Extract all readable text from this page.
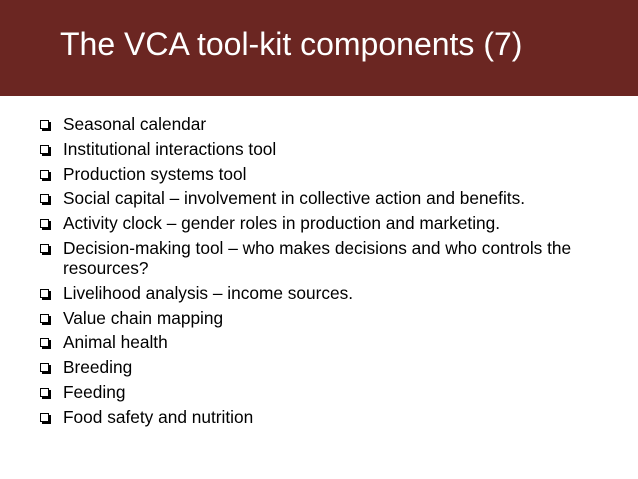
The VCA tool-kit components (7)
Seasonal calendar
Institutional interactions tool
Production systems tool
Social capital – involvement in collective action and benefits.
Activity clock – gender roles in production and marketing.
Decision-making tool – who makes decisions and who controls the resources?
Livelihood analysis – income sources.
Value chain mapping
Animal health
Breeding
Feeding
Food safety and nutrition
